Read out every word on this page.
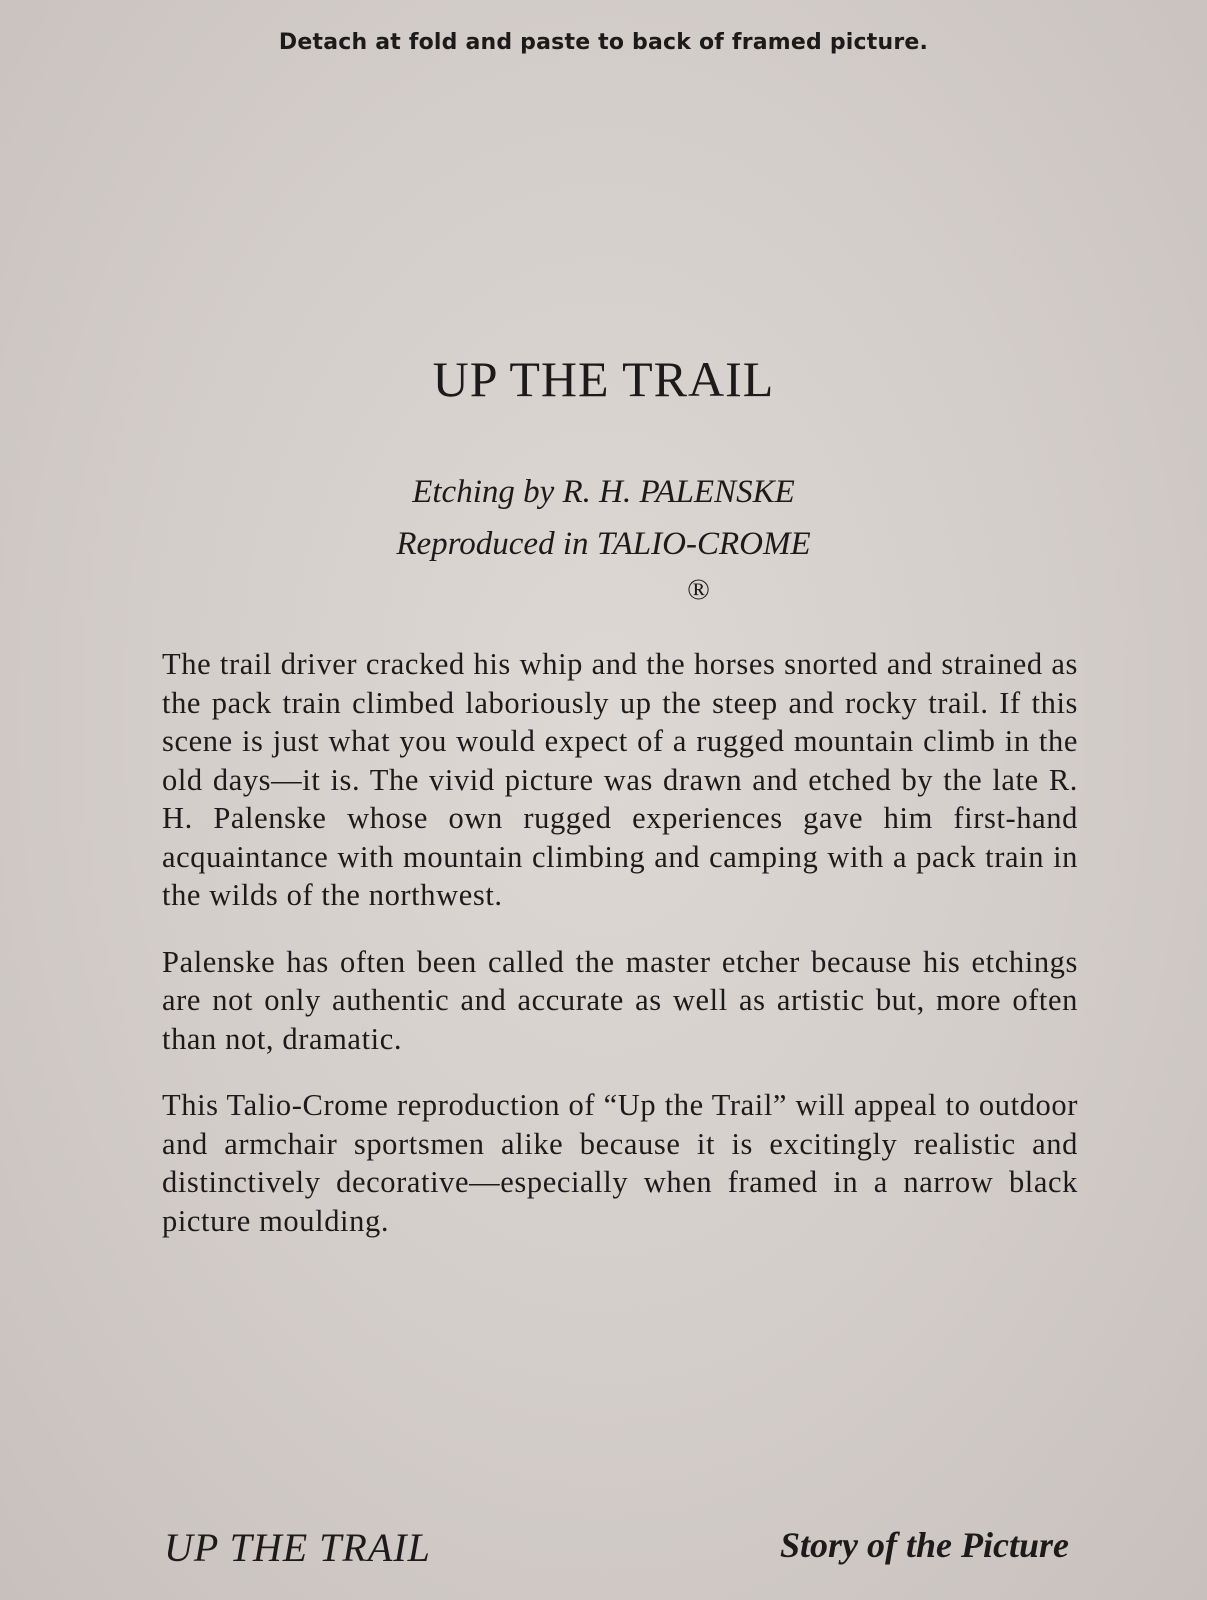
Detach at fold and paste to back of framed picture.
UP THE TRAIL
Etching by R. H. PALENSKE
Reproduced in TALIO-CROME
®

The trail driver cracked his whip and the horses snorted and strained as the pack train climbed laboriously up the steep and rocky trail. If this scene is just what you would expect of a rugged mountain climb in the old days—it is. The vivid picture was drawn and etched by the late R. H. Palenske whose own rugged experiences gave him first-hand acquaintance with mountain climbing and camping with a pack train in the wilds of the northwest.

Palenske has often been called the master etcher because his etchings are not only authentic and accurate as well as artistic but, more often than not, dramatic.

This Talio-Crome reproduction of “Up the Trail” will appeal to outdoor and armchair sportsmen alike because it is excitingly realistic and distinctively decorative—especially when framed in a narrow black picture moulding.

UP THE TRAIL	Story of the Picture
